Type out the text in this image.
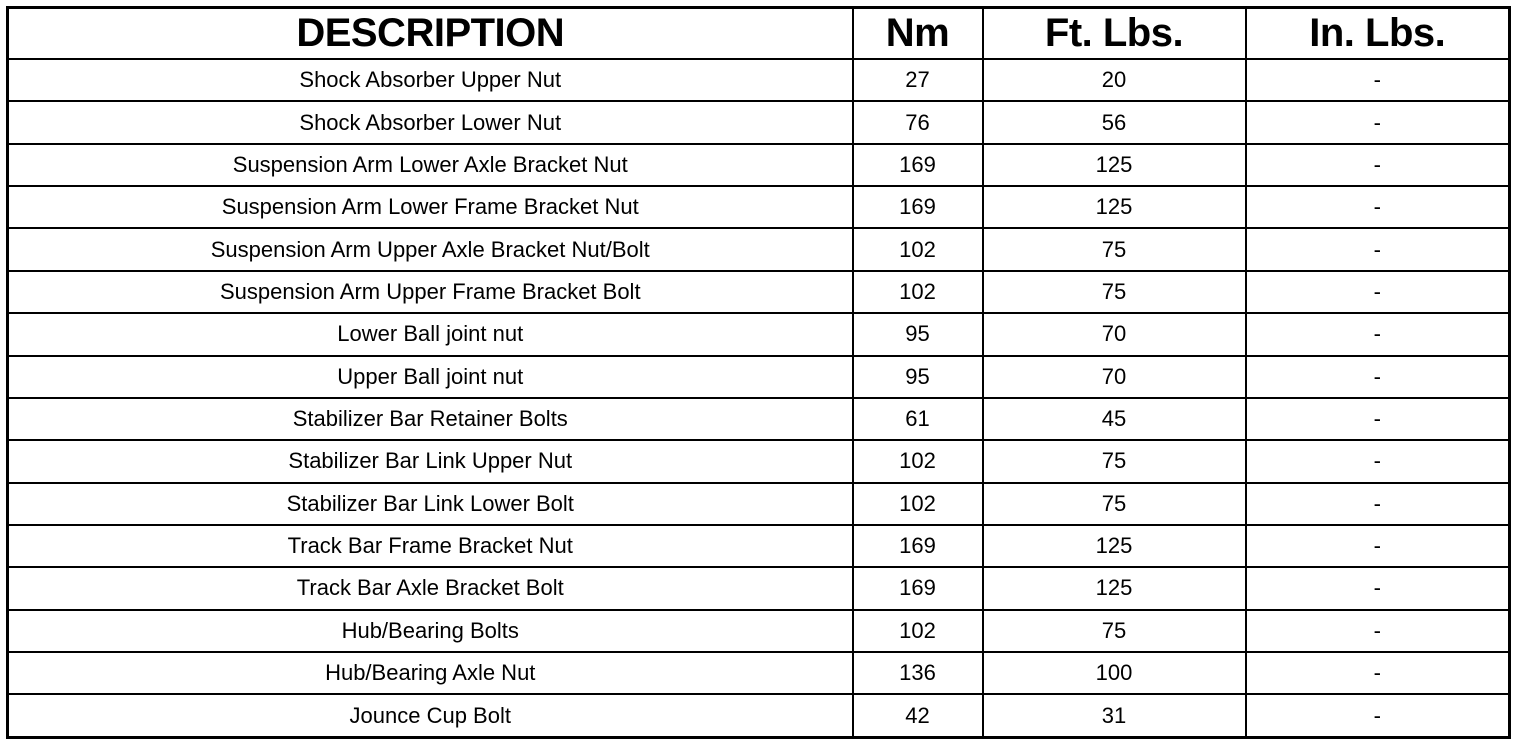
DESCRIPTION	Nm	Ft. Lbs.	In. Lbs.
Shock Absorber Upper Nut	27	20	-
Shock Absorber Lower Nut	76	56	-
Suspension Arm Lower Axle Bracket Nut	169	125	-
Suspension Arm Lower Frame Bracket Nut	169	125	-
Suspension Arm Upper Axle Bracket Nut/Bolt	102	75	-
Suspension Arm Upper Frame Bracket Bolt	102	75	-
Lower Ball joint nut	95	70	-
Upper Ball joint nut	95	70	-
Stabilizer Bar Retainer Bolts	61	45	-
Stabilizer Bar Link Upper Nut	102	75	-
Stabilizer Bar Link Lower Bolt	102	75	-
Track Bar Frame Bracket Nut	169	125	-
Track Bar Axle Bracket Bolt	169	125	-
Hub/Bearing Bolts	102	75	-
Hub/Bearing Axle Nut	136	100	-
Jounce Cup Bolt	42	31	-
